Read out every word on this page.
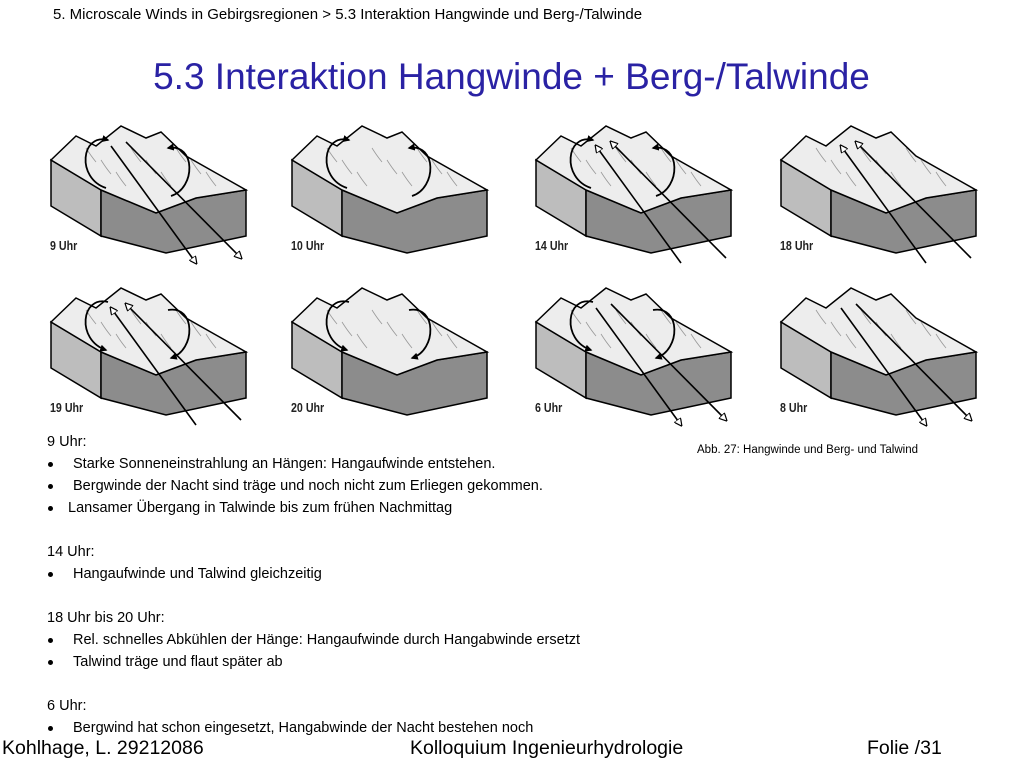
5. Microscale Winds in Gebirgsregionen > 5.3 Interaktion Hangwinde und Berg-/Talwinde
5.3 Interaktion Hangwinde + Berg-/Talwinde
9 Uhr	10 Uhr	14 Uhr	18 Uhr
19 Uhr	20 Uhr	6 Uhr	8 Uhr
Abb. 27: Hangwinde und Berg- und Talwind
9 Uhr:
Starke Sonneneinstrahlung an Hängen: Hangaufwinde entstehen.
Bergwinde der Nacht sind träge und noch nicht zum Erliegen gekommen.
Lansamer Übergang in Talwinde bis zum frühen Nachmittag
14 Uhr:
Hangaufwinde und Talwind gleichzeitig
18 Uhr bis 20 Uhr:
Rel. schnelles Abkühlen der Hänge: Hangaufwinde durch Hangabwinde ersetzt
Talwind träge und flaut später ab
6 Uhr:
Bergwind hat schon eingesetzt, Hangabwinde der Nacht bestehen noch
Kohlhage, L. 29212086	Kolloquium Ingenieurhydrologie	Folie /31
